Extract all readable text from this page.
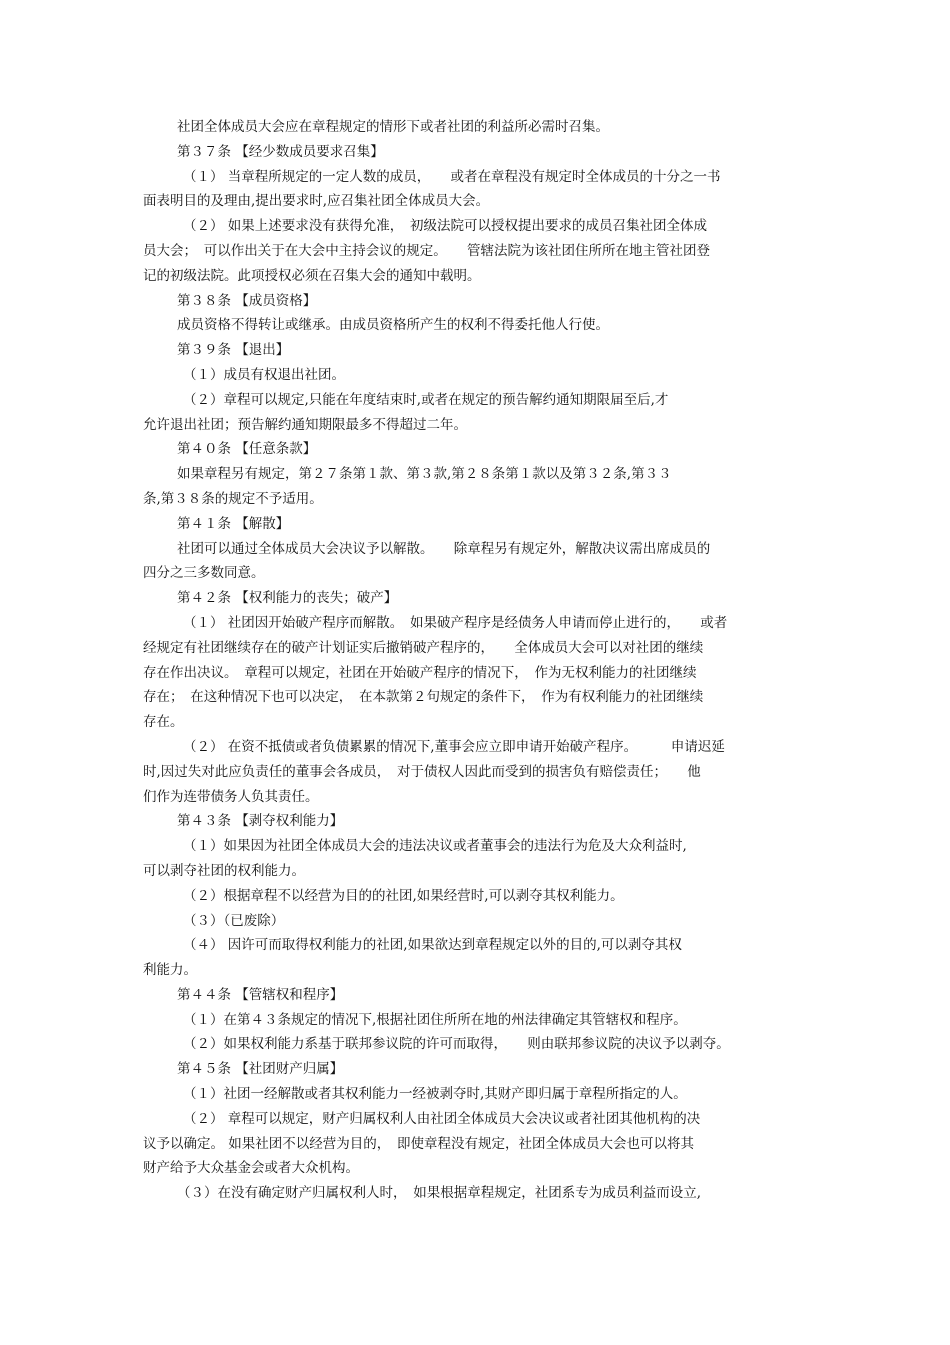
社团全体成员大会应在章程规定的情形下或者社团的利益所必需时召集。
第３７条 【经少数成员要求召集】
（１） 当章程所规定的一定人数的成员，　　或者在章程没有规定时全体成员的十分之一书
面表明目的及理由,提出要求时,应召集社团全体成员大会。
（２） 如果上述要求没有获得允准，　初级法院可以授权提出要求的成员召集社团全体成
员大会；　可以作出关于在大会中主持会议的规定。　　管辖法院为该社团住所所在地主管社团登
记的初级法院。此项授权必须在召集大会的通知中载明。
第３８条 【成员资格】
成员资格不得转让或继承。由成员资格所产生的权利不得委托他人行使。
第３９条 【退出】
（１）成员有权退出社团。
（２）章程可以规定,只能在年度结束时,或者在规定的预告解约通知期限届至后,才
允许退出社团；预告解约通知期限最多不得超过二年。
第４０条 【任意条款】
如果章程另有规定，第２７条第１款、第３款,第２８条第１款以及第３２条,第３３
条,第３８条的规定不予适用。
第４１条 【解散】
社团可以通过全体成员大会决议予以解散。　　除章程另有规定外，解散决议需出席成员的
四分之三多数同意。
第４２条 【权利能力的丧失；破产】
（１） 社团因开始破产程序而解散。　如果破产程序是经债务人申请而停止进行的，　　或者
经规定有社团继续存在的破产计划证实后撤销破产程序的，　　全体成员大会可以对社团的继续
存在作出决议。　章程可以规定，社团在开始破产程序的情况下，　作为无权利能力的社团继续
存在；　在这种情况下也可以决定，　在本款第２句规定的条件下，　作为有权利能力的社团继续
存在。
（２） 在资不抵债或者负债累累的情况下,董事会应立即申请开始破产程序。　　　申请迟延
时,因过失对此应负责任的董事会各成员，　对于债权人因此而受到的损害负有赔偿责任；　　他
们作为连带债务人负其责任。
第４３条 【剥夺权利能力】
（１）如果因为社团全体成员大会的违法决议或者董事会的违法行为危及大众利益时,
可以剥夺社团的权利能力。
（２）根据章程不以经营为目的的社团,如果经营时,可以剥夺其权利能力。
（３）（已废除）
（４） 因许可而取得权利能力的社团,如果欲达到章程规定以外的目的,可以剥夺其权
利能力。
第４４条 【管辖权和程序】
（１）在第４３条规定的情况下,根据社团住所所在地的州法律确定其管辖权和程序。
（２）如果权利能力系基于联邦参议院的许可而取得，　　则由联邦参议院的决议予以剥夺。
第４５条 【社团财产归属】
（１）社团一经解散或者其权利能力一经被剥夺时,其财产即归属于章程所指定的人。
（２） 章程可以规定，财产归属权利人由社团全体成员大会决议或者社团其他机构的决
议予以确定。 如果社团不以经营为目的，　即使章程没有规定，社团全体成员大会也可以将其
财产给予大众基金会或者大众机构。
（３）在没有确定财产归属权利人时，　如果根据章程规定，社团系专为成员利益而设立,
